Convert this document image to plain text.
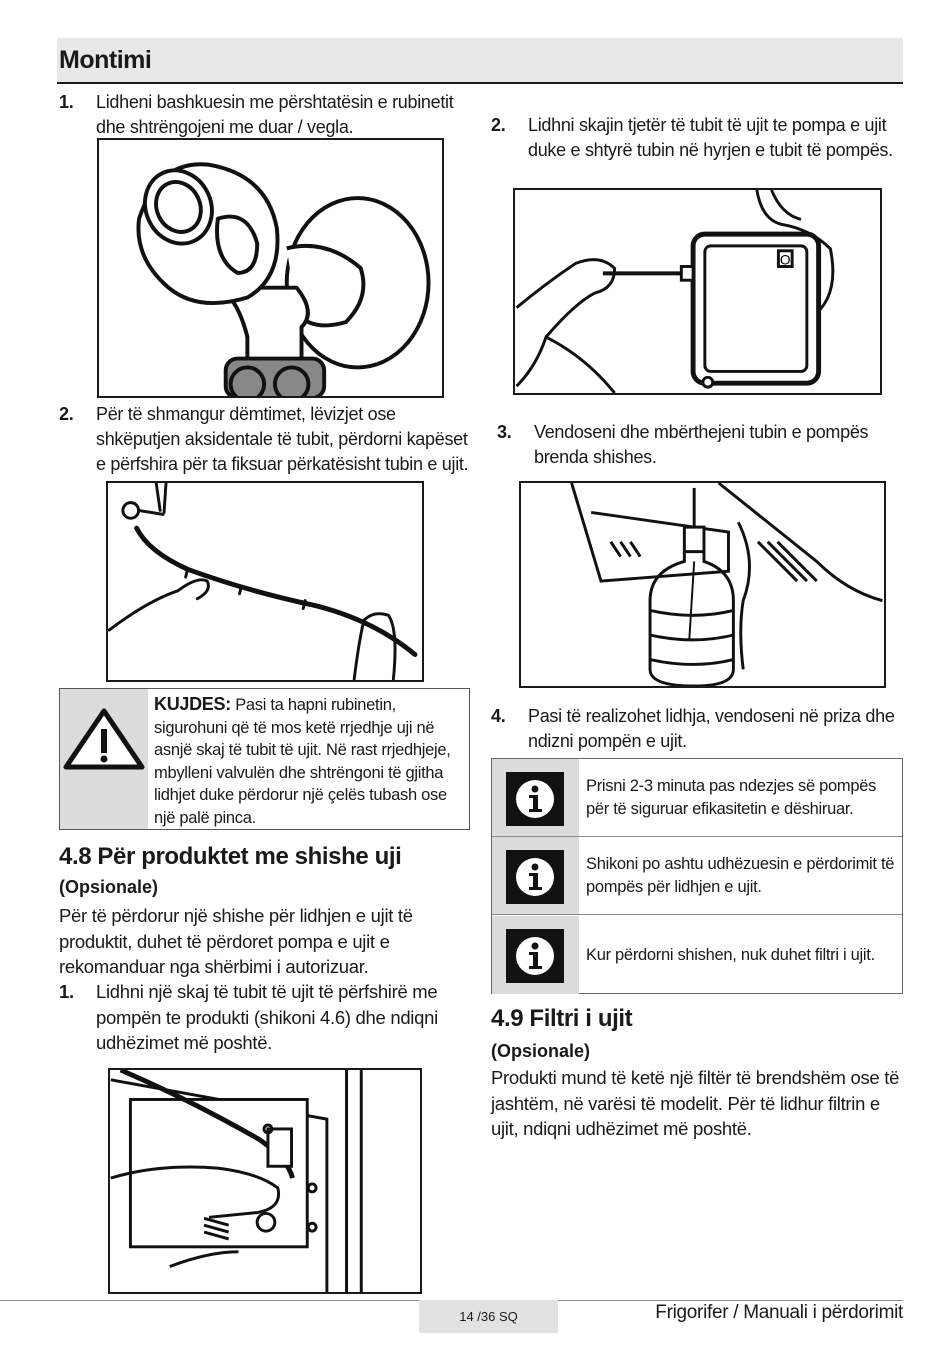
Montimi
1.	Lidheni bashkuesin me përshtatësin e rubinetit dhe shtrëngojeni me duar / vegla.
2.	Për të shmangur dëmtimet, lëvizjet ose shkëputjen aksidentale të tubit, përdorni kapëset e përfshira për ta fiksuar përkatësisht tubin e ujit.
KUJDES: Pasi ta hapni rubinetin, sigurohuni që të mos ketë rrjedhje uji në asnjë skaj të tubit të ujit. Në rast rrjedhjeje, mbylleni valvulën dhe shtrëngoni të gjitha lidhjet duke përdorur një çelës tubash ose një palë pinca.
4.8 Për produktet me shishe uji
(Opsionale)
Për të përdorur një shishe për lidhjen e ujit të produktit, duhet të përdoret pompa e ujit e rekomanduar nga shërbimi i autorizuar.
1.	Lidhni një skaj të tubit të ujit të përfshirë me pompën te produkti (shikoni 4.6) dhe ndiqni udhëzimet më poshtë.
2.	Lidhni skajin tjetër të tubit të ujit te pompa e ujit duke e shtyrë tubin në hyrjen e tubit të pompës.
O
3.	Vendoseni dhe mbërthejeni tubin e pompës brenda shishes.
4.	Pasi të realizohet lidhja, vendoseni në priza dhe ndizni pompën e ujit.
Prisni 2-3 minuta pas ndezjes së pompës për të siguruar efikasitetin e dëshiruar.
Shikoni po ashtu udhëzuesin e përdorimit të pompës për lidhjen e ujit.
Kur përdorni shishen, nuk duhet filtri i ujit.
4.9 Filtri i ujit
(Opsionale)
Produkti mund të ketë një filtër të brendshëm ose të jashtëm, në varësi të modelit. Për të lidhur filtrin e ujit, ndiqni udhëzimet më poshtë.
14 /36 SQ	Frigorifer / Manuali i përdorimit
